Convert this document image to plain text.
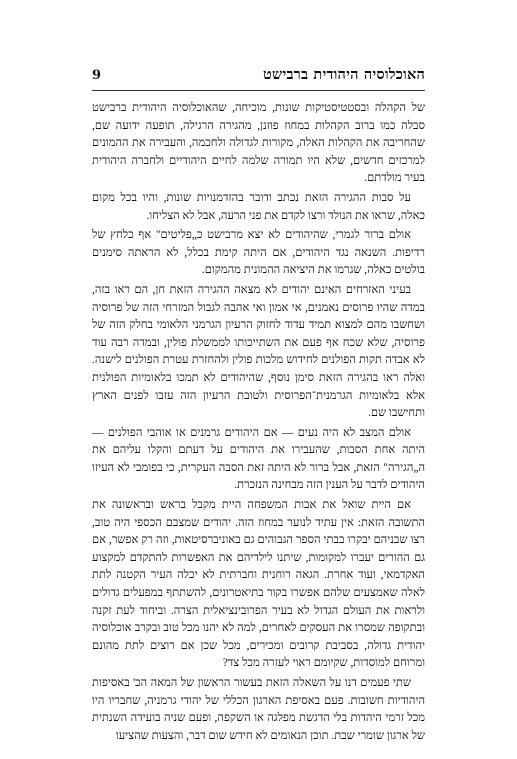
9	האוכלוסיה היהודית ברבישט

של הקהלה ובסטטיסטיקות שונות, מוכיחה, שהאוכלוסיה היהודית ברבישט סבלה כמו ברוב הקהלות במחוז פוזנן, מהגירה הרגילה, תופעה ידועה שם, שהחריבה את הקהלות האלה, מקורות לגדולה ולחכמה, והעבירה את ההמונים למרכזים חדשים, שלא היו תמורה שלמה לחיים היהודיים ולחברה היהודית בעיר מולדתם.

על סבות ההגירה הזאת נכתב ודובר בהזדמנויות שונות, והיו בכל מקום כאלה, שראו את הנולד ורצו לקדם את פני הרעה, אבל לא הצליחו.

אולם ברור לגמרי, שהיהודים לא יצא מרבישט כ„פליטים" אף כלחץ של רדיפות. השנאה נגד היהודים, אם היתה קימת בכלל, לא הראתה סימנים בולטים כאלה, שגרמו את היציאה ההמונית מהמקום.

בעיני האזרחים האינם יהודים לא מצאה ההגירה הזאת חן, הם ראו בזה, במדה שהיו פרוסים נאמנים, אי אמון ואי אהבה לגבול המזרחי הזה של פרוסיה ושחשבו מהם למצוא תמיד עדוד לחזוק הרעיון הגרמני הלאומי בחלק הזה של פרוסיה, שלא שכח אף פעם את השתייכותו לממשלת פולין, ובמדה רבה עוד לא אבדה תקות הפולנים לחידוש מלכות פולין ולהחזרת עטרת הפולנים לישנה. ואלה ראו בהגירה הזאת סימן נוסף, שהיהודים לא תמכו בלאומיות הפולנית אלא בלאומיות הגרמנית־הפרוסית ולטובת הרעיון הזה עזבו לפנים הארץ ותחישבו שם.

אולם המצב לא היה נעים — אם היהודים גרמנים או אוהבי הפולנים — היתה אחת הסבות, שהעבירו את היהודים על דעתם והקלו עליהם את ה„הגירה" הזאת, אבל ברור לא היתה זאת הסבה העקרית, כי בפומבי לא העיזו היהודים לדבר על הענין הזה מבחינה הנזכרת.

אם היית שואל את אבות המשפחה היית מקבל בראש ובראשונה את התשובה הזאת: אין עתיד לנוער במחוז הזה. יהודים שמצבם הכספי היה טוב, רצו שבניהם יבקרו בבתי הספר הגבוהים גם באוניברסיטאות, וזה רק אפשר, אם גם ההורים יעברו למקומות, שיתנו לילדיהם את האפשרות להתקדם למקצוע האקדמאי, ועוד אחרת. הגאה רוחנית וחברתית לא יכלה העיר הקטנה לתת לאלה שאמצעים שלהם אפשרו בקור בתיאטרונים, להשתתף במפעלים גדולים ולראות את העולם הגדול לא בעיר הפרובינציאלית הצרה. וביחוד לעת זקנה ובתקופה שמסרו את העסקים לאחרים, למה לא יהנו מכל טוב ובקרב אוכלוסיה יהודית גדולה, בסביבת קרובים ומכירים, מכל שכן אם רוצים לתת מהונם ומרוחם למוסדות, שקיומם ראוי לעזרה מכל צד?

שתי פעמים דנו על השאלה הזאת בעשור הראשון של המאה הכ' באסיפות היהודיות חשובות. פעם באסיפת הארגון הכללי של יהודי גרמניה, שחבריו היו מכל זרמי היהדות בלי הדגשת מפלגה או השקפה, ופעם שניה בועידה השנתית של ארגון שומרי שבת. תוכן הנאומים לא חידש שום דבר, והצעות שהציעו
